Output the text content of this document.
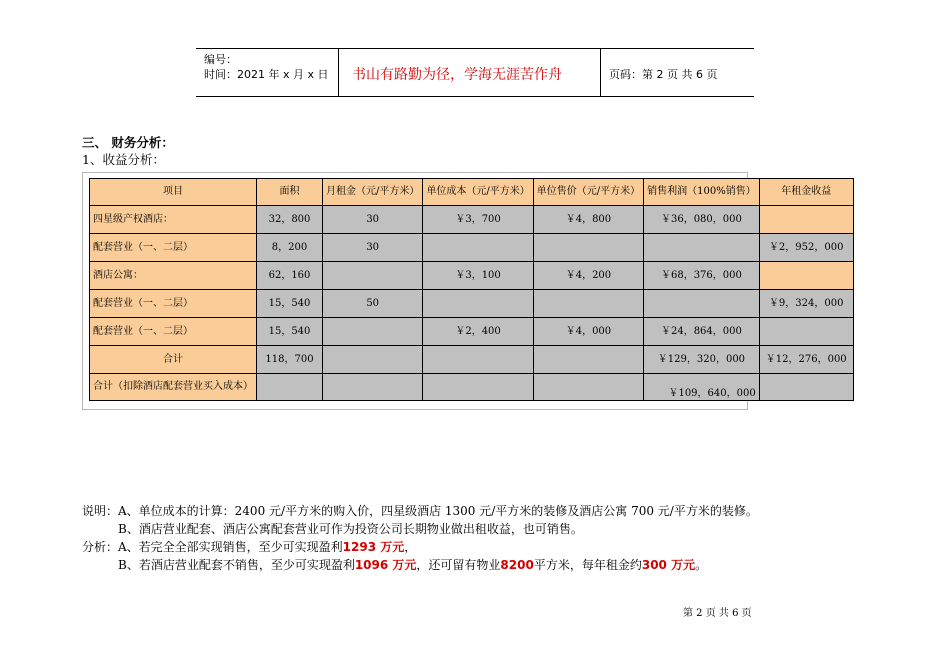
编号：
时间：2021 年 x 月 x 日 书山有路勤为径，学海无涯苦作舟	页码：第 2 页 共 6 页
三、 财务分析：
1、收益分析：
项目	面积	月租金（元/平方米）	单位成本（元/平方米）	单位售价（元/平方米）	销售利润（100%销售）	年租金收益
四星级产权酒店：	32，800	30	￥3，700	￥4，800	￥36，080，000	
配套营业（一、二层）	8，200	30				￥2，952，000
酒店公寓：	62，160		￥3，100	￥4，200	￥68，376，000	
配套营业（一、二层）	15，540	50				￥9，324，000
配套营业（一、二层）	15，540		￥2，400	￥4，000	￥24，864，000	
合计	118，700				￥129，320，000	￥12，276，000
合计（扣除酒店配套营业买入成本）					￥109，640，000	
说明：A、单位成本的计算：2400 元/平方米的购入价，四星级酒店 1300 元/平方米的装修及酒店公寓 700 元/平方米的装修。
B、酒店营业配套、酒店公寓配套营业可作为投资公司长期物业做出租收益，也可销售。
分析：A、若完全全部实现销售，至少可实现盈利1293 万元，
B、若酒店营业配套不销售，至少可实现盈利1096 万元，还可留有物业8200平方米，每年租金约300 万元。
第 2 页 共 6 页
